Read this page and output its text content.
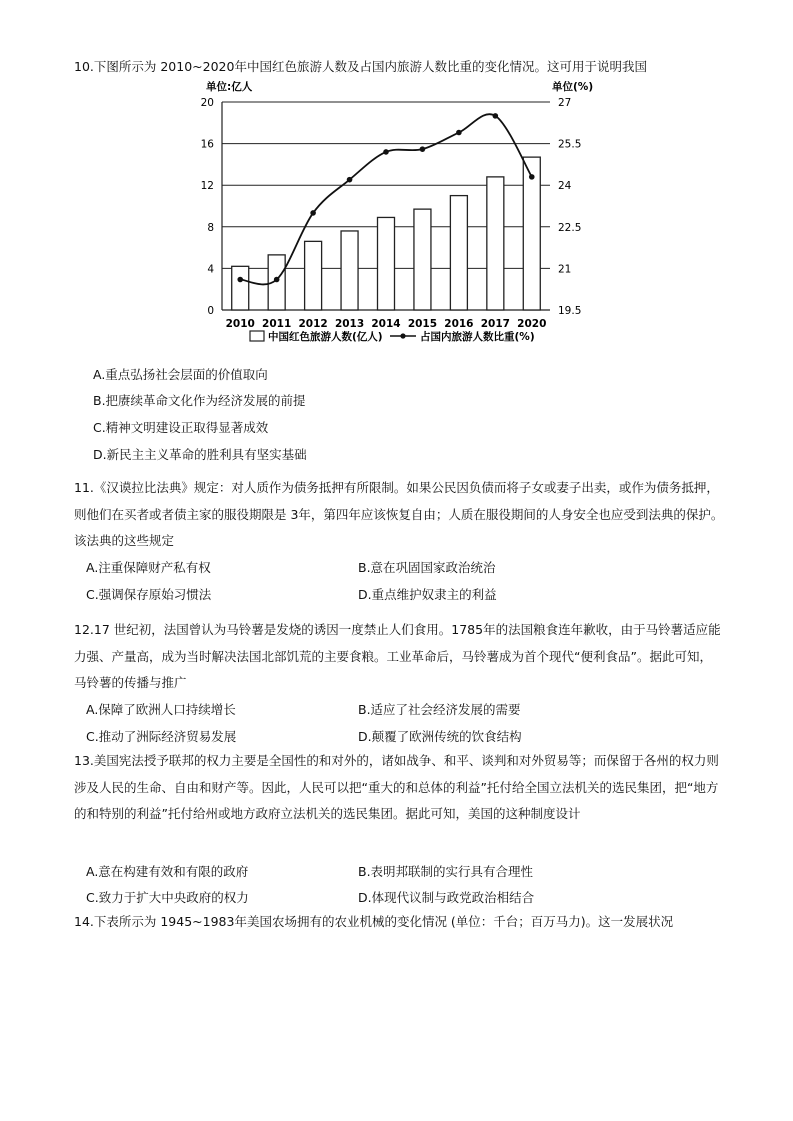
10.下图所示为 2010~2020年中国红色旅游人数及占国内旅游人数比重的变化情况。这可用于说明我国

单位:亿人	单位(%)
0
4
8
12
16
20
19.5
21
22.5
24
25.5
27
2010 2011 2012 2013 2014 2015 2016 2017 2020
中国红色旅游人数(亿人)	占国内旅游人数比重(%)
A.重点弘扬社会层面的价值取向
B.把赓续革命文化作为经济发展的前提
C.精神文明建设正取得显著成效
D.新民主主义革命的胜利具有坚实基础

11.《汉谟拉比法典》规定：对人质作为债务抵押有所限制。如果公民因负债而将子女或妻子出卖，或作为债务抵押，则他们在买者或者债主家的服役期限是 3年，第四年应该恢复自由；人质在服役期间的人身安全也应受到法典的保护。该法典的这些规定

A.注重保障财产私有权	B.意在巩固国家政治统治
C.强调保存原始习惯法	D.重点维护奴隶主的利益

12.17 世纪初，法国曾认为马铃薯是发烧的诱因一度禁止人们食用。1785年的法国粮食连年歉收，由于马铃薯适应能力强、产量高，成为当时解决法国北部饥荒的主要食粮。工业革命后，马铃薯成为首个现代“便利食品”。据此可知，马铃薯的传播与推广

A.保障了欧洲人口持续增长	B.适应了社会经济发展的需要
C.推动了洲际经济贸易发展	D.颠覆了欧洲传统的饮食结构

13.美国宪法授予联邦的权力主要是全国性的和对外的，诸如战争、和平、谈判和对外贸易等；而保留于各州的权力则涉及人民的生命、自由和财产等。因此，人民可以把“重大的和总体的利益”托付给全国立法机关的选民集团，把“地方的和特别的利益”托付给州或地方政府立法机关的选民集团。据此可知，美国的这种制度设计

A.意在构建有效和有限的政府	B.表明邦联制的实行具有合理性
C.致力于扩大中央政府的权力	D.体现代议制与政党政治相结合

14.下表所示为 1945~1983年美国农场拥有的农业机械的变化情况 (单位：千台；百万马力)。这一发展状况
